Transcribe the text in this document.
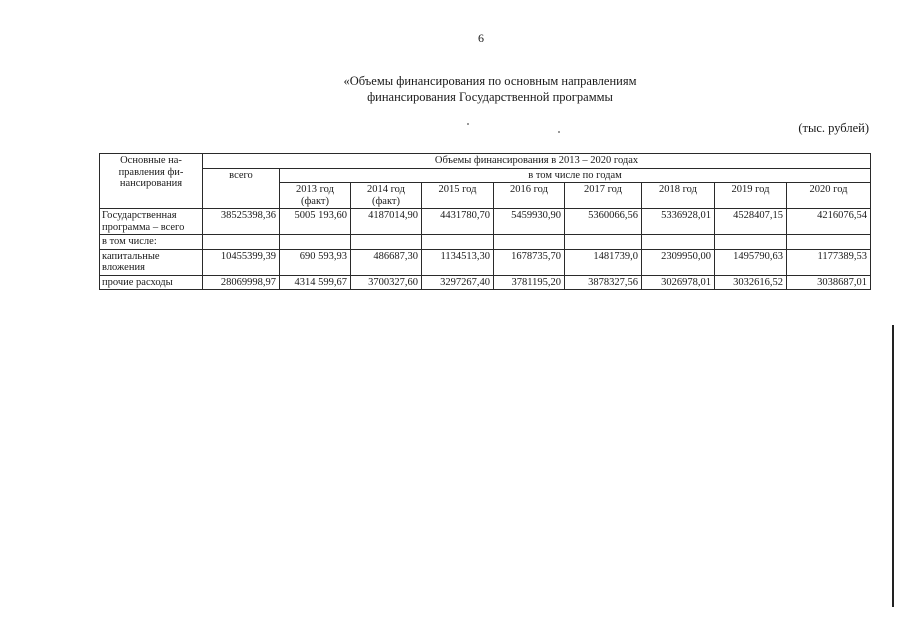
6
«Объемы финансирования по основным направлениям
финансирования Государственной программы
(тыс. рублей)
Основные на- правления фи- нансирования	Объемы финансирования в 2013 – 2020 годах								
	всего	в том числе по годам							
		2013 год (факт)	2014 год (факт)	2015 год	2016 год	2017 год	2018 год	2019 год	2020 год
Государственная программа – всего	38525398,36	5005 193,60	4187014,90	4431780,70	5459930,90	5360066,56	5336928,01	4528407,15	4216076,54
в том числе:									
капитальные вложения	10455399,39	690 593,93	486687,30	1134513,30	1678735,70	1481739,0	2309950,00	1495790,63	1177389,53
прочие расходы	28069998,97	4314 599,67	3700327,60	3297267,40	3781195,20	3878327,56	3026978,01	3032616,52	3038687,01
